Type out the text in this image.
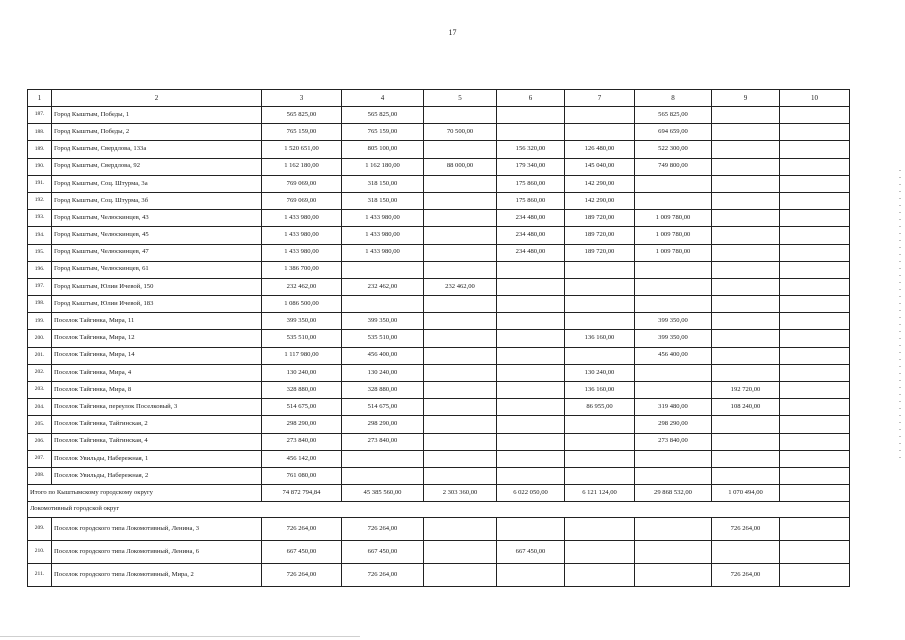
17
1	2	3	4	5	6	7	8	9	10
187.	Город Кыштым, Победы, 1	565 825,00	565 825,00				565 825,00		
188.	Город Кыштым, Победы, 2	765 159,00	765 159,00	70 500,00			694 659,00		
189.	Город Кыштым, Свердлова, 133а	1 520 651,00	805 100,00		156 320,00	126 480,00	522 300,00		
190.	Город Кыштым, Свердлова, 92	1 162 180,00	1 162 180,00	88 000,00	179 340,00	145 040,00	749 800,00		
191.	Город Кыштым, Соц. Штурма, 3а	769 069,00	318 150,00		175 860,00	142 290,00			
192.	Город Кыштым, Соц. Штурма, 3б	769 069,00	318 150,00		175 860,00	142 290,00			
193.	Город Кыштым, Челюскинцев, 43	1 433 980,00	1 433 980,00		234 480,00	189 720,00	1 009 780,00		
194.	Город Кыштым, Челюскинцев, 45	1 433 980,00	1 433 980,00		234 480,00	189 720,00	1 009 780,00		
195.	Город Кыштым, Челюскинцев, 47	1 433 980,00	1 433 980,00		234 480,00	189 720,00	1 009 780,00		
196.	Город Кыштым, Челюскинцев, 61	1 386 700,00							
197.	Город Кыштым, Юлии Ичевой, 150	232 462,00	232 462,00	232 462,00					
198.	Город Кыштым, Юлии Ичевой, 183	1 086 500,00							
199.	Поселок Тайгинка, Мира, 11	399 350,00	399 350,00				399 350,00		
200.	Поселок Тайгинка, Мира, 12	535 510,00	535 510,00			136 160,00	399 350,00		
201.	Поселок Тайгинка, Мира, 14	1 117 980,00	456 400,00				456 400,00		
202.	Поселок Тайгинка, Мира, 4	130 240,00	130 240,00			130 240,00			
203.	Поселок Тайгинка, Мира, 8	328 880,00	328 880,00			136 160,00		192 720,00	
204.	Поселок Тайгинка, переулок Поселковый, 3	514 675,00	514 675,00			86 955,00	319 480,00	108 240,00	
205.	Поселок Тайгинка, Тайгинская, 2	298 290,00	298 290,00				298 290,00		
206.	Поселок Тайгинка, Тайгинская, 4	273 840,00	273 840,00				273 840,00		
207.	Поселок Увильды, Набережная, 1	456 142,00							
208.	Поселок Увильды, Набережная, 2	761 080,00							
Итого по Кыштымскому городскому округу		74 872 794,84	45 385 560,00	2 303 360,00	6 022 050,00	6 121 124,00	29 868 532,00	1 070 494,00	
Локомотивный городской округ									
209.	Поселок городского типа Локомотивный, Ленина, 3	726 264,00	726 264,00					726 264,00	
210.	Поселок городского типа Локомотивный, Ленина, 6	667 450,00	667 450,00		667 450,00				
211.	Поселок городского типа Локомотивный, Мира, 2	726 264,00	726 264,00					726 264,00	
